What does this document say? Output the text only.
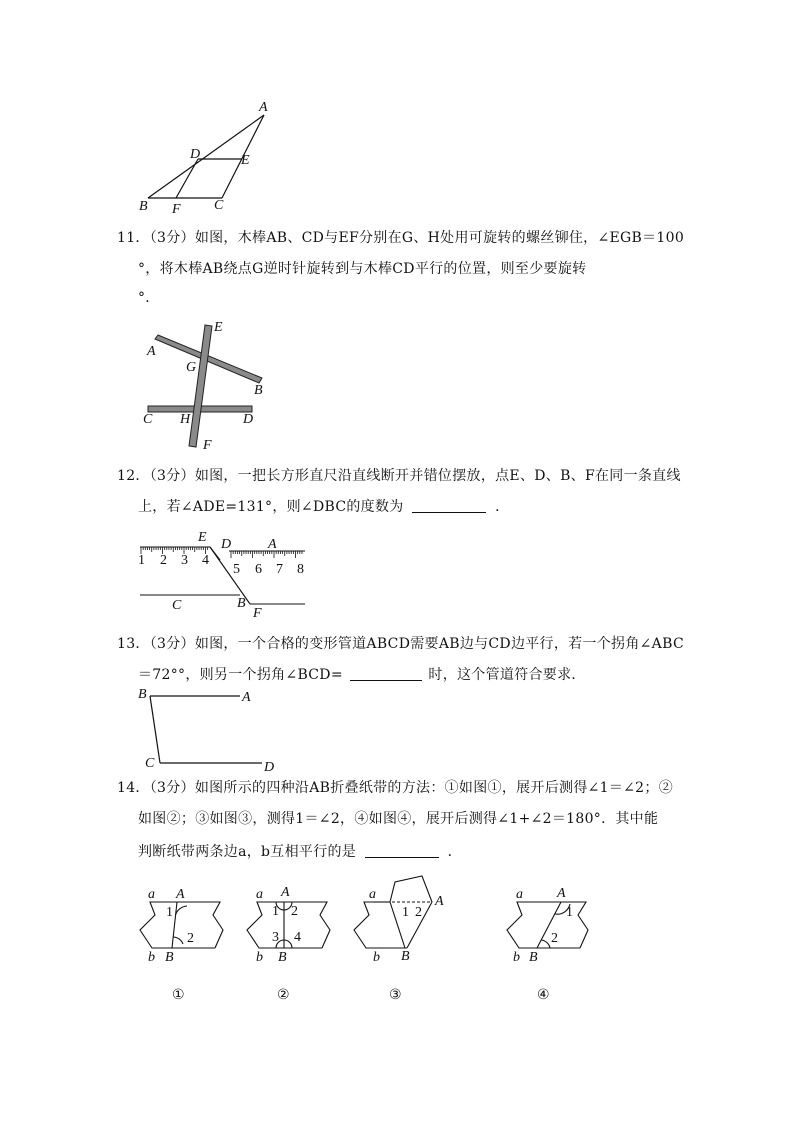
A
D	E
B F C
11．（3分）如图，木棒AB、CD与EF分别在G、H处用可旋转的螺丝铆住，∠EGB＝100
°，将木棒AB绕点G逆时针旋转到与木棒CD平行的位置，则至少要旋转
°．
E
A
G
B
C H	D
F
12．（3分）如图，一把长方形直尺沿直线断开并错位摆放，点E、D、B、F在同一条直线
上，若∠ADE=131°，则∠DBC的度数为	．
E D	A
1 2 3 4
5 6 7 8
C	B
F
13．（3分）如图，一个合格的变形管道ABCD需要AB边与CD边平行，若一个拐角∠ABC
＝72°°，则另一个拐角∠BCD=	时，这个管道符合要求．
B	A
C	D
14．（3分）如图所示的四种沿AB折叠纸带的方法：①如图①，展开后测得∠1＝∠2；②
如图②；③如图③，测得1＝∠2，④如图④，展开后测得∠1+∠2＝180°．其中能
判断纸带两条边a，b互相平行的是	．
a A
1
2
b B
a A
1 2
3 4
b B
a
1 2
A
b B
a A
1
2
b B
①	②	③	④
